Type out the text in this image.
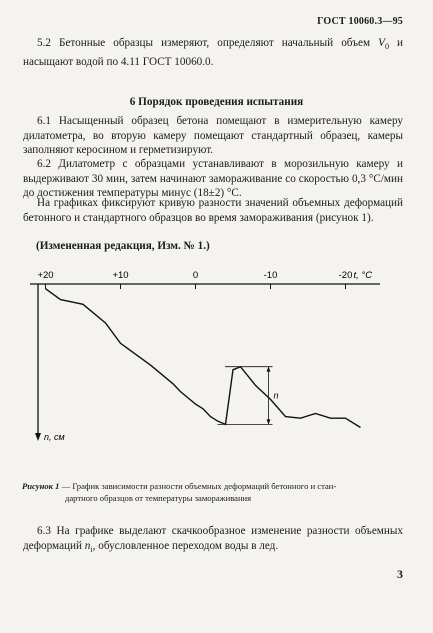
ГОСТ 10060.3—95
5.2 Бетонные образцы измеряют, определяют начальный объем $V_0$ и насыщают водой по 4.11 ГОСТ 10060.0.
6 Порядок проведения испытания
6.1 Насыщенный образец бетона помещают в измерительную камеру дилатометра, во вторую камеру помещают стандартный образец, камеры заполняют керосином и герметизируют.
6.2 Дилатометр с образцами устанавливают в морозильную камеру и выдерживают 30 мин, затем начинают замораживание со скоростью 0,3 °С/мин до достижения температуры минус (18±2) °С.
На графиках фиксируют кривую разности значений объемных деформаций бетонного и стандартного образцов во время замораживания (рисунок 1).
(Измененная редакция, Изм. № 1.)
+20	+10	0	-10	-20 t, °C
n, см
n
Рисунок 1 — График зависимости разности объемных деформаций бетонного и стан-
дартного образцов от температуры замораживания
6.3 На графике выделают скачкообразное изменение разности объемных деформаций $n_i$, обусловленное переходом воды в лед.
3
